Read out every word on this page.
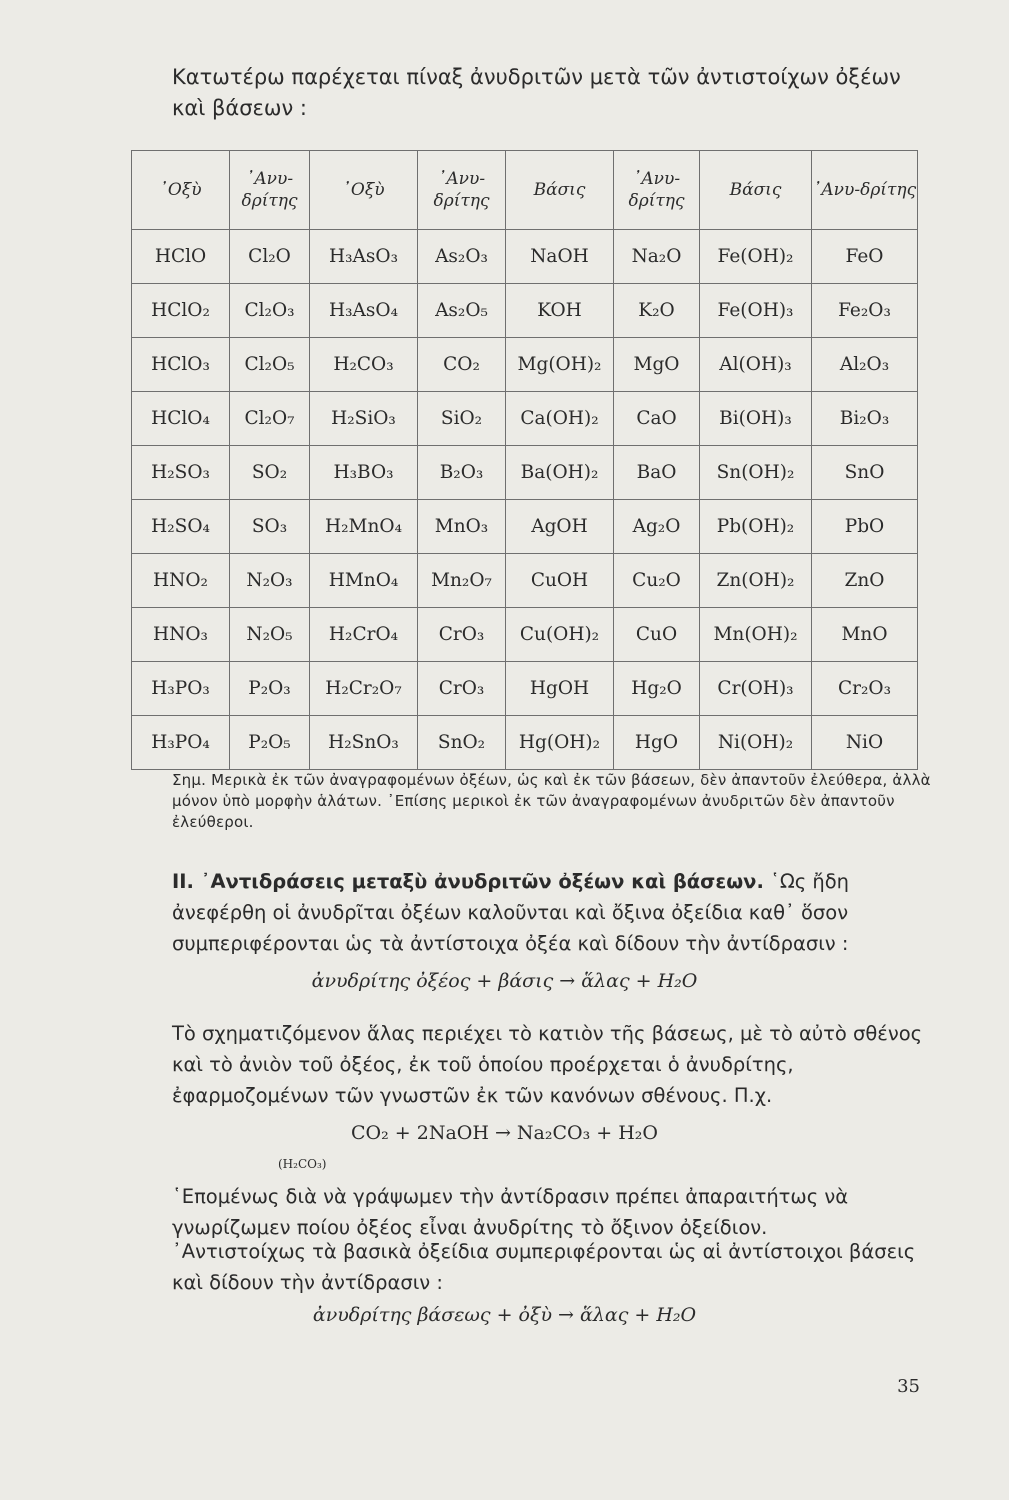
Κατωτέρω παρέχεται πίναξ ἀνυδριτῶν μετὰ τῶν ἀντιστοίχων ὀξέων καὶ βάσεων :

᾿Οξὺ	᾿Ανυ-δρίτης	᾿Οξὺ	᾿Ανυ-δρίτης	Βάσις	᾿Ανυ-δρίτης	Βάσις	᾿Ανυ-δρίτης
HClO	Cl₂O	H₃AsO₃	As₂O₃	NaOH	Na₂O	Fe(OH)₂	FeO
HClO₂	Cl₂O₃	H₃AsO₄	As₂O₅	KOH	K₂O	Fe(OH)₃	Fe₂O₃
HClO₃	Cl₂O₅	H₂CO₃	CO₂	Mg(OH)₂	MgO	Al(OH)₃	Al₂O₃
HClO₄	Cl₂O₇	H₂SiO₃	SiO₂	Ca(OH)₂	CaO	Bi(OH)₃	Bi₂O₃
H₂SO₃	SO₂	H₃BO₃	B₂O₃	Ba(OH)₂	BaO	Sn(OH)₂	SnO
H₂SO₄	SO₃	H₂MnO₄	MnO₃	AgOH	Ag₂O	Pb(OH)₂	PbO
HNO₂	N₂O₃	HMnO₄	Mn₂O₇	CuOH	Cu₂O	Zn(OH)₂	ZnO
HNO₃	N₂O₅	H₂CrO₄	CrO₃	Cu(OH)₂	CuO	Mn(OH)₂	MnO
H₃PO₃	P₂O₃	H₂Cr₂O₇	CrO₃	HgOH	Hg₂O	Cr(OH)₃	Cr₂O₃
H₃PO₄	P₂O₅	H₂SnO₃	SnO₂	Hg(OH)₂	HgO	Ni(OH)₂	NiO

Σημ. Μερικὰ ἐκ τῶν ἀναγραφομένων ὀξέων, ὡς καὶ ἐκ τῶν βάσεων, δὲν ἀπαντοῦν ἐλεύθερα, ἀλλὰ μόνον ὑπὸ μορφὴν ἁλάτων. ᾿Επίσης μερικοὶ ἐκ τῶν ἀναγραφομένων ἀνυδριτῶν δὲν ἀπαντοῦν ἐλεύθεροι.

II. ᾿Αντιδράσεις μεταξὺ ἀνυδριτῶν ὀξέων καὶ βάσεων. ῾Ως ἤδη ἀνεφέρθη οἱ ἀνυδρῖται ὀξέων καλοῦνται καὶ ὄξινα ὀξείδια καθ᾿ ὅσον συμπεριφέρονται ὡς τὰ ἀντίστοιχα ὀξέα καὶ δίδουν τὴν ἀντίδρασιν :

ἀνυδρίτης ὀξέος + βάσις → ἅλας + H₂O

Τὸ σχηματιζόμενον ἅλας περιέχει τὸ κατιὸν τῆς βάσεως, μὲ τὸ αὐτὸ σθένος καὶ τὸ ἀνιὸν τοῦ ὀξέος, ἐκ τοῦ ὁποίου προέρχεται ὁ ἀνυδρίτης, ἐφαρμοζομένων τῶν γνωστῶν ἐκ τῶν κανόνων σθένους. Π.χ.

CO₂ + 2NaOH → Na₂CO₃ + H₂O
(H₂CO₃)

῾Επομένως διὰ νὰ γράψωμεν τὴν ἀντίδρασιν πρέπει ἀπαραιτήτως νὰ γνωρίζωμεν ποίου ὀξέος εἶναι ἀνυδρίτης τὸ ὄξινον ὀξείδιον.

᾿Αντιστοίχως τὰ βασικὰ ὀξείδια συμπεριφέρονται ὡς αἱ ἀντίστοιχοι βάσεις καὶ δίδουν τὴν ἀντίδρασιν :

ἀνυδρίτης βάσεως + ὀξὺ → ἅλας + H₂O
35
